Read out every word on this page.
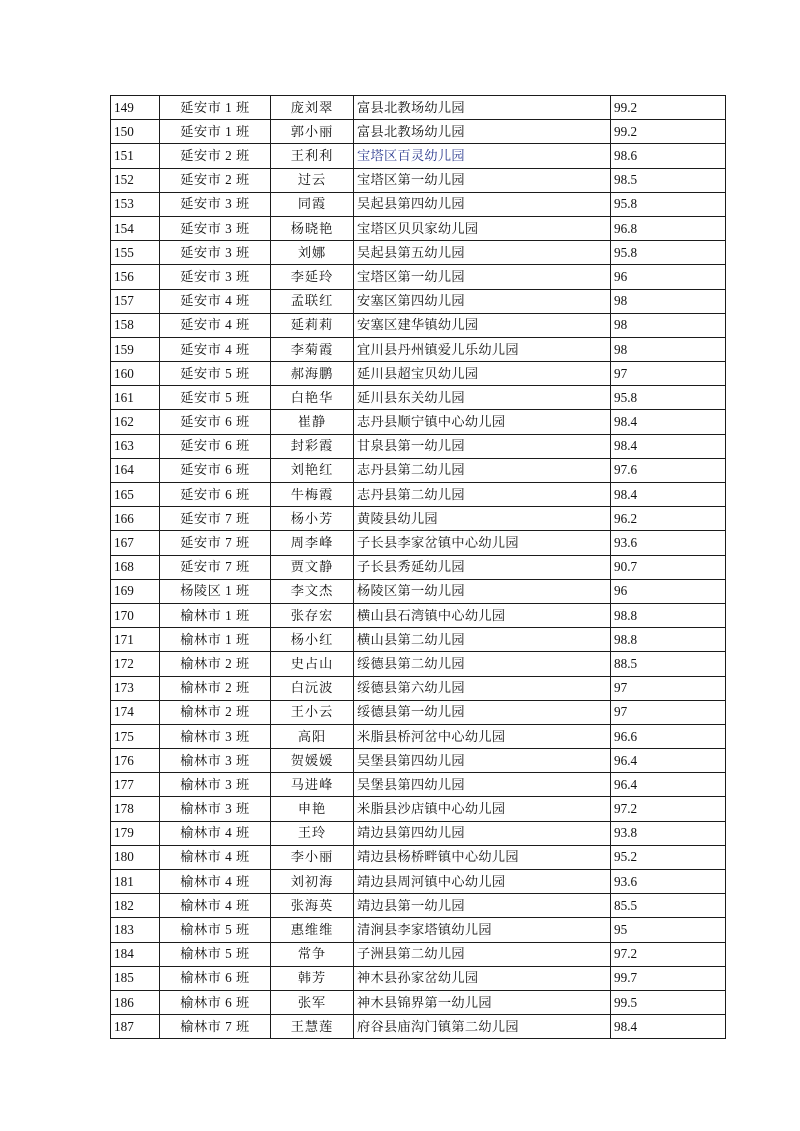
149	延安市 1 班	庞刘翠	富县北教场幼儿园	99.2
150	延安市 1 班	郭小丽	富县北教场幼儿园	99.2
151	延安市 2 班	王利利	宝塔区百灵幼儿园	98.6
152	延安市 2 班	过云	宝塔区第一幼儿园	98.5
153	延安市 3 班	同霞	吴起县第四幼儿园	95.8
154	延安市 3 班	杨晓艳	宝塔区贝贝家幼儿园	96.8
155	延安市 3 班	刘娜	吴起县第五幼儿园	95.8
156	延安市 3 班	李延玲	宝塔区第一幼儿园	96
157	延安市 4 班	孟联红	安塞区第四幼儿园	98
158	延安市 4 班	延莉莉	安塞区建华镇幼儿园	98
159	延安市 4 班	李菊霞	宜川县丹州镇爱儿乐幼儿园	98
160	延安市 5 班	郝海鹏	延川县超宝贝幼儿园	97
161	延安市 5 班	白艳华	延川县东关幼儿园	95.8
162	延安市 6 班	崔静	志丹县顺宁镇中心幼儿园	98.4
163	延安市 6 班	封彩霞	甘泉县第一幼儿园	98.4
164	延安市 6 班	刘艳红	志丹县第二幼儿园	97.6
165	延安市 6 班	牛梅霞	志丹县第二幼儿园	98.4
166	延安市 7 班	杨小芳	黄陵县幼儿园	96.2
167	延安市 7 班	周李峰	子长县李家岔镇中心幼儿园	93.6
168	延安市 7 班	贾文静	子长县秀延幼儿园	90.7
169	杨陵区 1 班	李文杰	杨陵区第一幼儿园	96
170	榆林市 1 班	张存宏	横山县石湾镇中心幼儿园	98.8
171	榆林市 1 班	杨小红	横山县第二幼儿园	98.8
172	榆林市 2 班	史占山	绥德县第二幼儿园	88.5
173	榆林市 2 班	白沅波	绥德县第六幼儿园	97
174	榆林市 2 班	王小云	绥德县第一幼儿园	97
175	榆林市 3 班	高阳	米脂县桥河岔中心幼儿园	96.6
176	榆林市 3 班	贺媛媛	吴堡县第四幼儿园	96.4
177	榆林市 3 班	马进峰	吴堡县第四幼儿园	96.4
178	榆林市 3 班	申艳	米脂县沙店镇中心幼儿园	97.2
179	榆林市 4 班	王玲	靖边县第四幼儿园	93.8
180	榆林市 4 班	李小丽	靖边县杨桥畔镇中心幼儿园	95.2
181	榆林市 4 班	刘初海	靖边县周河镇中心幼儿园	93.6
182	榆林市 4 班	张海英	靖边县第一幼儿园	85.5
183	榆林市 5 班	惠维维	清涧县李家塔镇幼儿园	95
184	榆林市 5 班	常争	子洲县第二幼儿园	97.2
185	榆林市 6 班	韩芳	神木县孙家岔幼儿园	99.7
186	榆林市 6 班	张军	神木县锦界第一幼儿园	99.5
187	榆林市 7 班	王慧莲	府谷县庙沟门镇第二幼儿园	98.4
